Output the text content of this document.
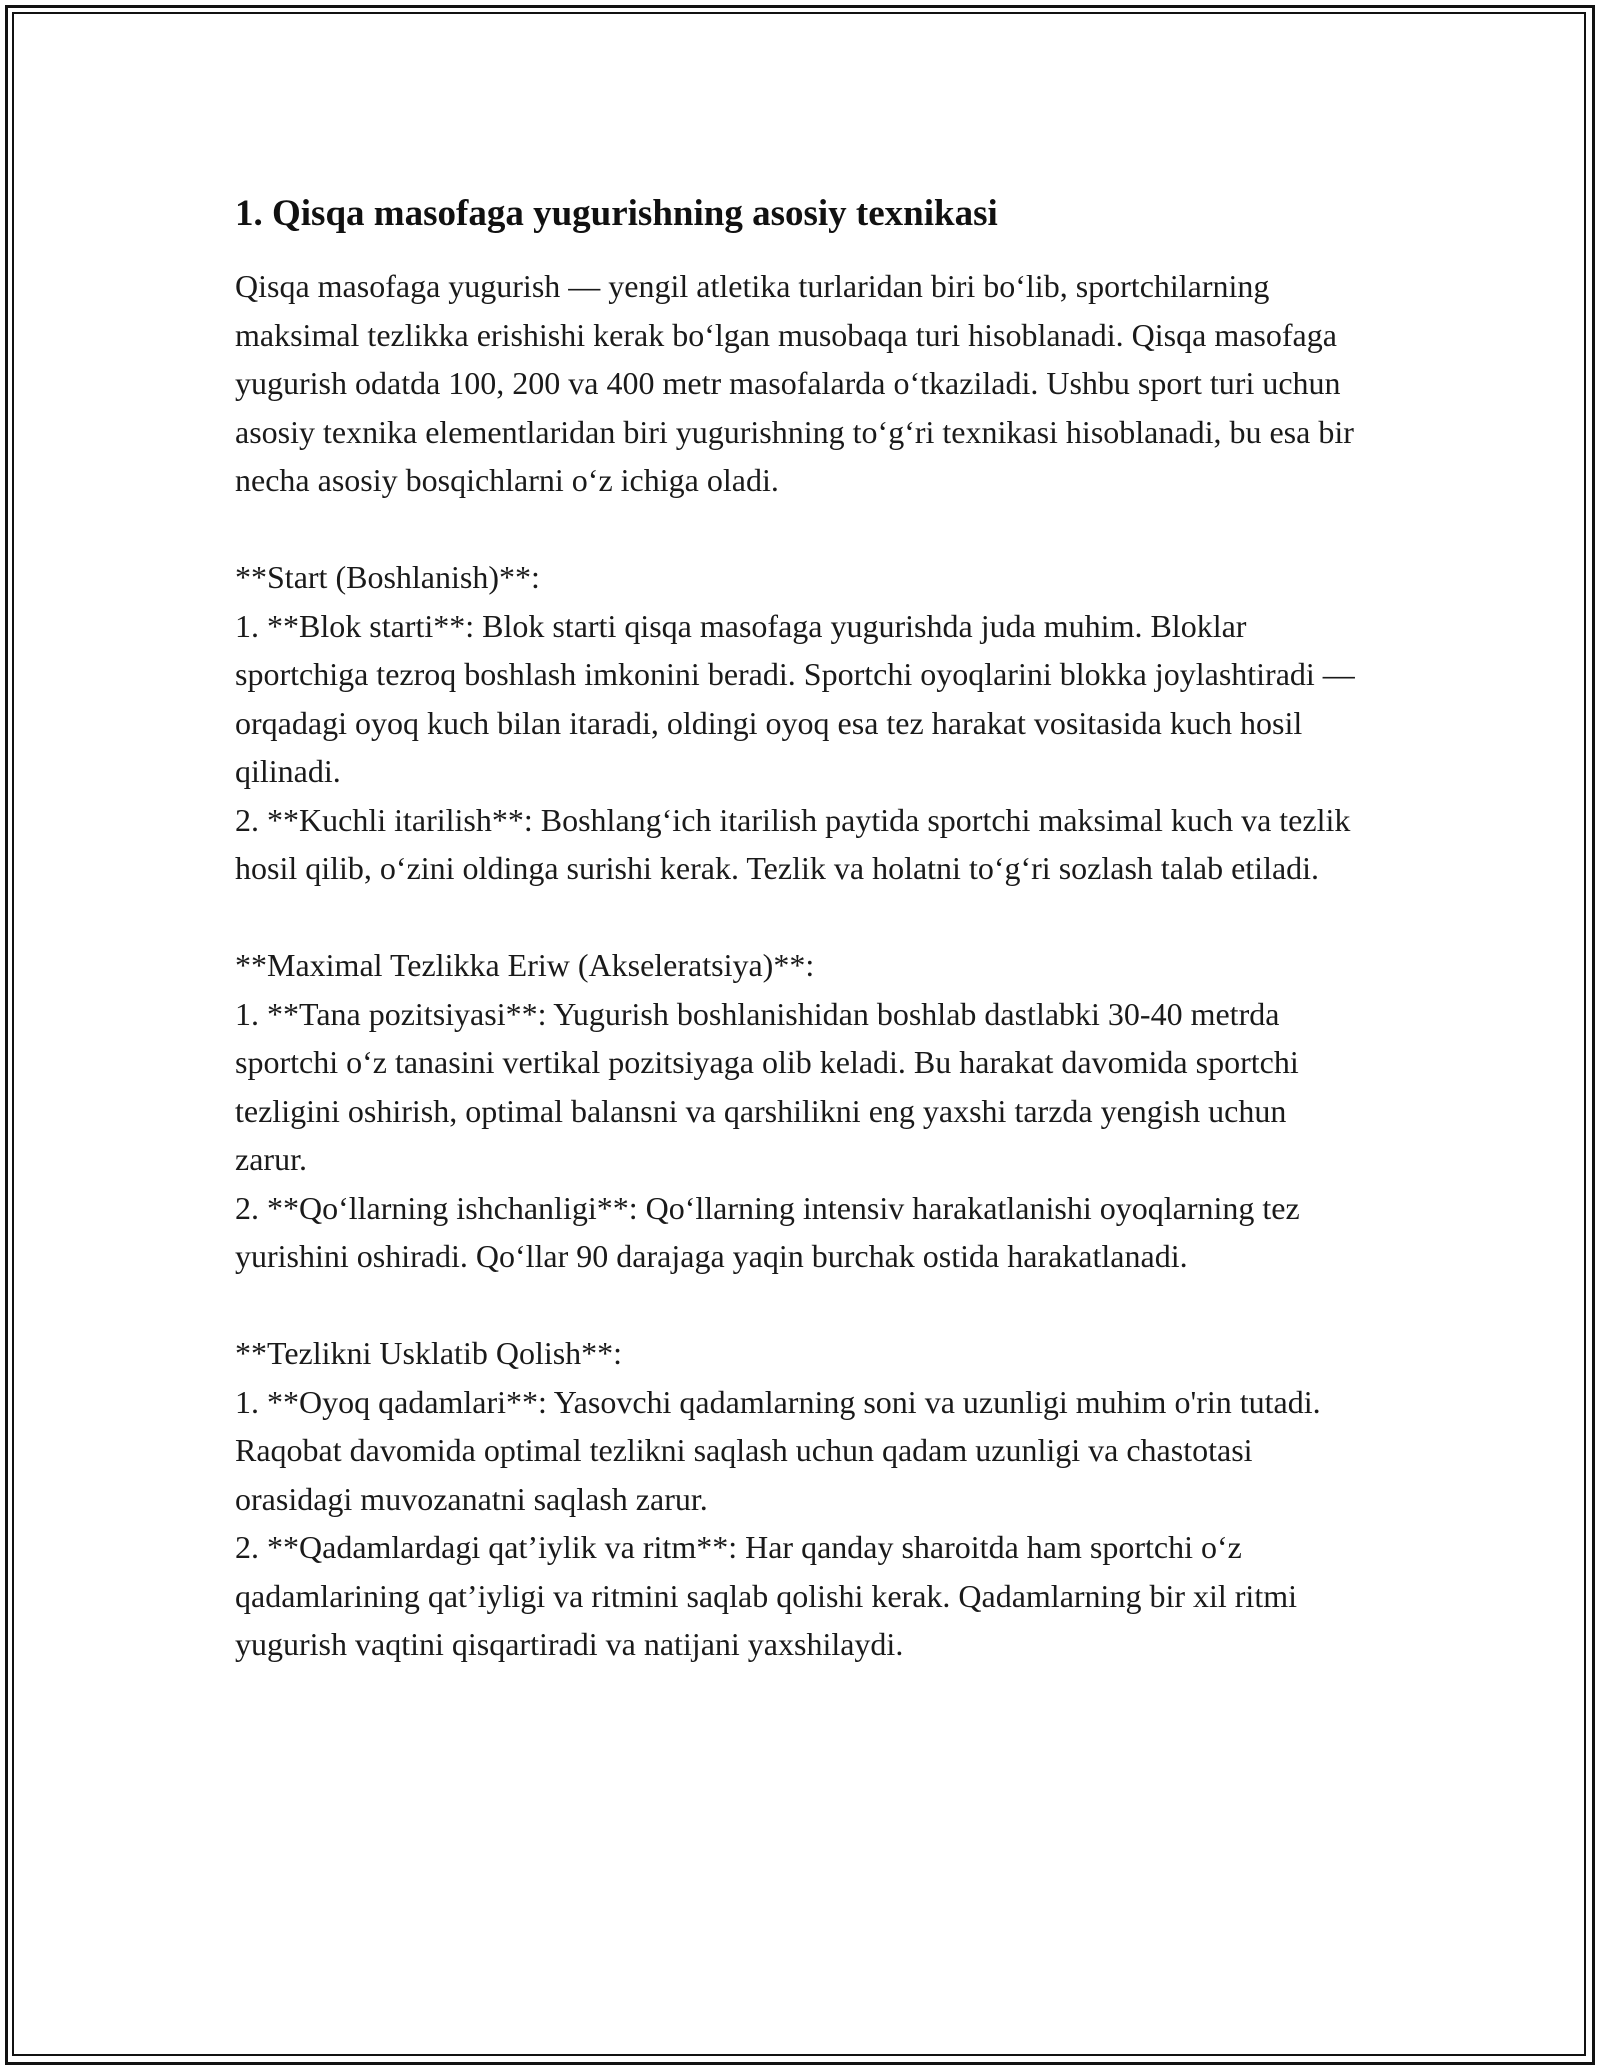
1. Qisqa masofaga yugurishning asosiy texnikasi

Qisqa masofaga yugurish — yengil atletika turlaridan biri bo‘lib, sportchilarning maksimal tezlikka erishishi kerak bo‘lgan musobaqa turi hisoblanadi. Qisqa masofaga yugurish odatda 100, 200 va 400 metr masofalarda o‘tkaziladi. Ushbu sport turi uchun asosiy texnika elementlaridan biri yugurishning to‘g‘ri texnikasi hisoblanadi, bu esa bir necha asosiy bosqichlarni o‘z ichiga oladi.

**Start (Boshlanish)**:

1. **Blok starti**: Blok starti qisqa masofaga yugurishda juda muhim. Bloklar sportchiga tezroq boshlash imkonini beradi. Sportchi oyoqlarini blokka joylashtiradi — orqadagi oyoq kuch bilan itaradi, oldingi oyoq esa tez harakat vositasida kuch hosil qilinadi.

2. **Kuchli itarilish**: Boshlang‘ich itarilish paytida sportchi maksimal kuch va tezlik hosil qilib, o‘zini oldinga surishi kerak. Tezlik va holatni to‘g‘ri sozlash talab etiladi.

**Maximal Tezlikka Eriw (Akseleratsiya)**:

1. **Tana pozitsiyasi**: Yugurish boshlanishidan boshlab dastlabki 30-40 metrda sportchi o‘z tanasini vertikal pozitsiyaga olib keladi. Bu harakat davomida sportchi tezligini oshirish, optimal balansni va qarshilikni eng yaxshi tarzda yengish uchun zarur.

2. **Qo‘llarning ishchanligi**: Qo‘llarning intensiv harakatlanishi oyoqlarning tez yurishini oshiradi. Qo‘llar 90 darajaga yaqin burchak ostida harakatlanadi.

**Tezlikni Usklatib Qolish**:

1. **Oyoq qadamlari**: Yasovchi qadamlarning soni va uzunligi muhim o'rin tutadi. Raqobat davomida optimal tezlikni saqlash uchun qadam uzunligi va chastotasi orasidagi muvozanatni saqlash zarur.

2. **Qadamlardagi qat’iylik va ritm**: Har qanday sharoitda ham sportchi o‘z qadamlarining qat’iyligi va ritmini saqlab qolishi kerak. Qadamlarning bir xil ritmi yugurish vaqtini qisqartiradi va natijani yaxshilaydi.
